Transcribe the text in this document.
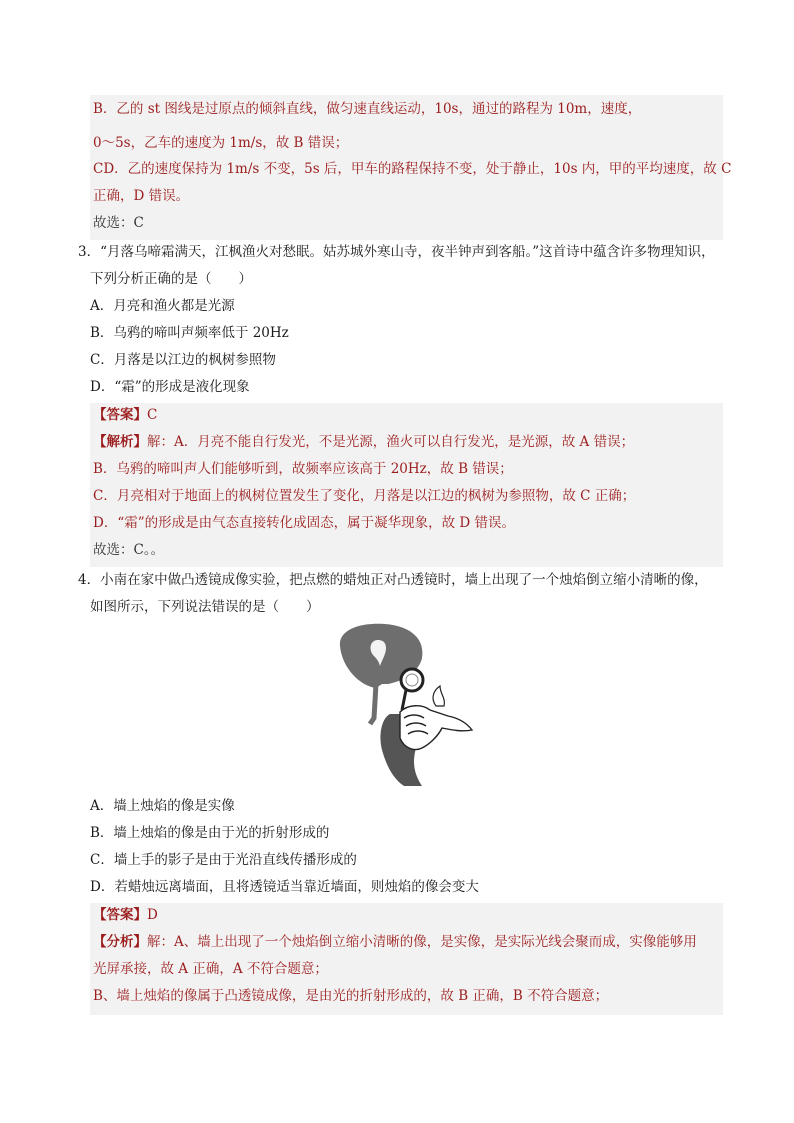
B．乙的 st 图线是过原点的倾斜直线，做匀速直线运动，10s，通过的路程为 10m，速度，
0～5s，乙车的速度为 1m/s，故 B 错误；
CD．乙的速度保持为 1m/s 不变，5s 后，甲车的路程保持不变，处于静止，10s 内，甲的平均速度，故 C
正确，D 错误。
故选：C
3．“月落乌啼霜满天，江枫渔火对愁眠。姑苏城外寒山寺，夜半钟声到客船。”这首诗中蕴含许多物理知识，
下列分析正确的是（　　）
A．月亮和渔火都是光源
B．乌鸦的啼叫声频率低于 20Hz
C．月落是以江边的枫树参照物
D．“霜”的形成是液化现象
【答案】C
【解析】解：A．月亮不能自行发光，不是光源，渔火可以自行发光，是光源，故 A 错误；
B．乌鸦的啼叫声人们能够听到，故频率应该高于 20Hz，故 B 错误；
C．月亮相对于地面上的枫树位置发生了变化，月落是以江边的枫树为参照物，故 C 正确；
D．“霜”的形成是由气态直接转化成固态，属于凝华现象，故 D 错误。
故选：C。。
4．小南在家中做凸透镜成像实验，把点燃的蜡烛正对凸透镜时，墙上出现了一个烛焰倒立缩小清晰的像，
如图所示，下列说法错误的是（　　）
A．墙上烛焰的像是实像
B．墙上烛焰的像是由于光的折射形成的
C．墙上手的影子是由于光沿直线传播形成的
D．若蜡烛远离墙面，且将透镜适当靠近墙面，则烛焰的像会变大
【答案】D
【分析】解：A、墙上出现了一个烛焰倒立缩小清晰的像，是实像，是实际光线会聚而成，实像能够用
光屏承接，故 A 正确，A 不符合题意；
B、墙上烛焰的像属于凸透镜成像，是由光的折射形成的，故 B 正确，B 不符合题意；
